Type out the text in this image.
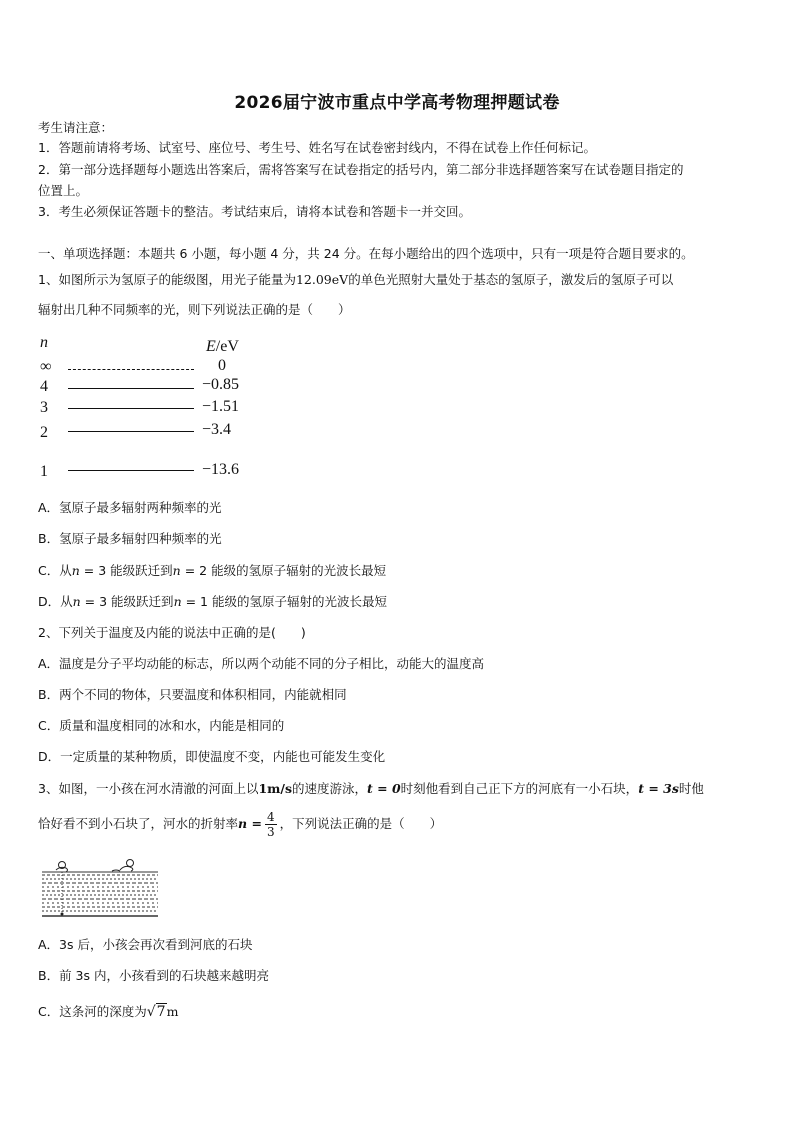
2026届宁波市重点中学高考物理押题试卷
考生请注意：
1．答题前请将考场、试室号、座位号、考生号、姓名写在试卷密封线内，不得在试卷上作任何标记。
2．第一部分选择题每小题选出答案后，需将答案写在试卷指定的括号内，第二部分非选择题答案写在试卷题目指定的
位置上。
3．考生必须保证答题卡的整洁。考试结束后，请将本试卷和答题卡一并交回。
一、单项选择题：本题共 6 小题，每小题 4 分，共 24 分。在每小题给出的四个选项中，只有一项是符合题目要求的。
1、如图所示为氢原子的能级图，用光子能量为12.09eV的单色光照射大量处于基态的氢原子，激发后的氢原子可以
辐射出几种不同频率的光，则下列说法正确的是（　　）
n	E/eV
∞	0
4	−0.85
3	−1.51
2	−3.4
1	−13.6
A．氢原子最多辐射两种频率的光
B．氢原子最多辐射四种频率的光
C．从n = 3 能级跃迁到n = 2 能级的氢原子辐射的光波长最短
D．从n = 3 能级跃迁到n = 1 能级的氢原子辐射的光波长最短
2、下列关于温度及内能的说法中正确的是(　　)
A．温度是分子平均动能的标志，所以两个动能不同的分子相比，动能大的温度高
B．两个不同的物体，只要温度和体积相同，内能就相同
C．质量和温度相同的冰和水，内能是相同的
D．一定质量的某种物质，即使温度不变，内能也可能发生变化
3、如图，一小孩在河水清澈的河面上以1m/s的速度游泳，t = 0时刻他看到自己正下方的河底有一小石块，t = 3s时他
恰好看不到小石块了，河水的折射率$n = \frac{4}{3}$ ，下列说法正确的是（　　）
A．3s 后，小孩会再次看到河底的石块
B．前 3s 内，小孩看到的石块越来越明亮
C．这条河的深度为√7m
